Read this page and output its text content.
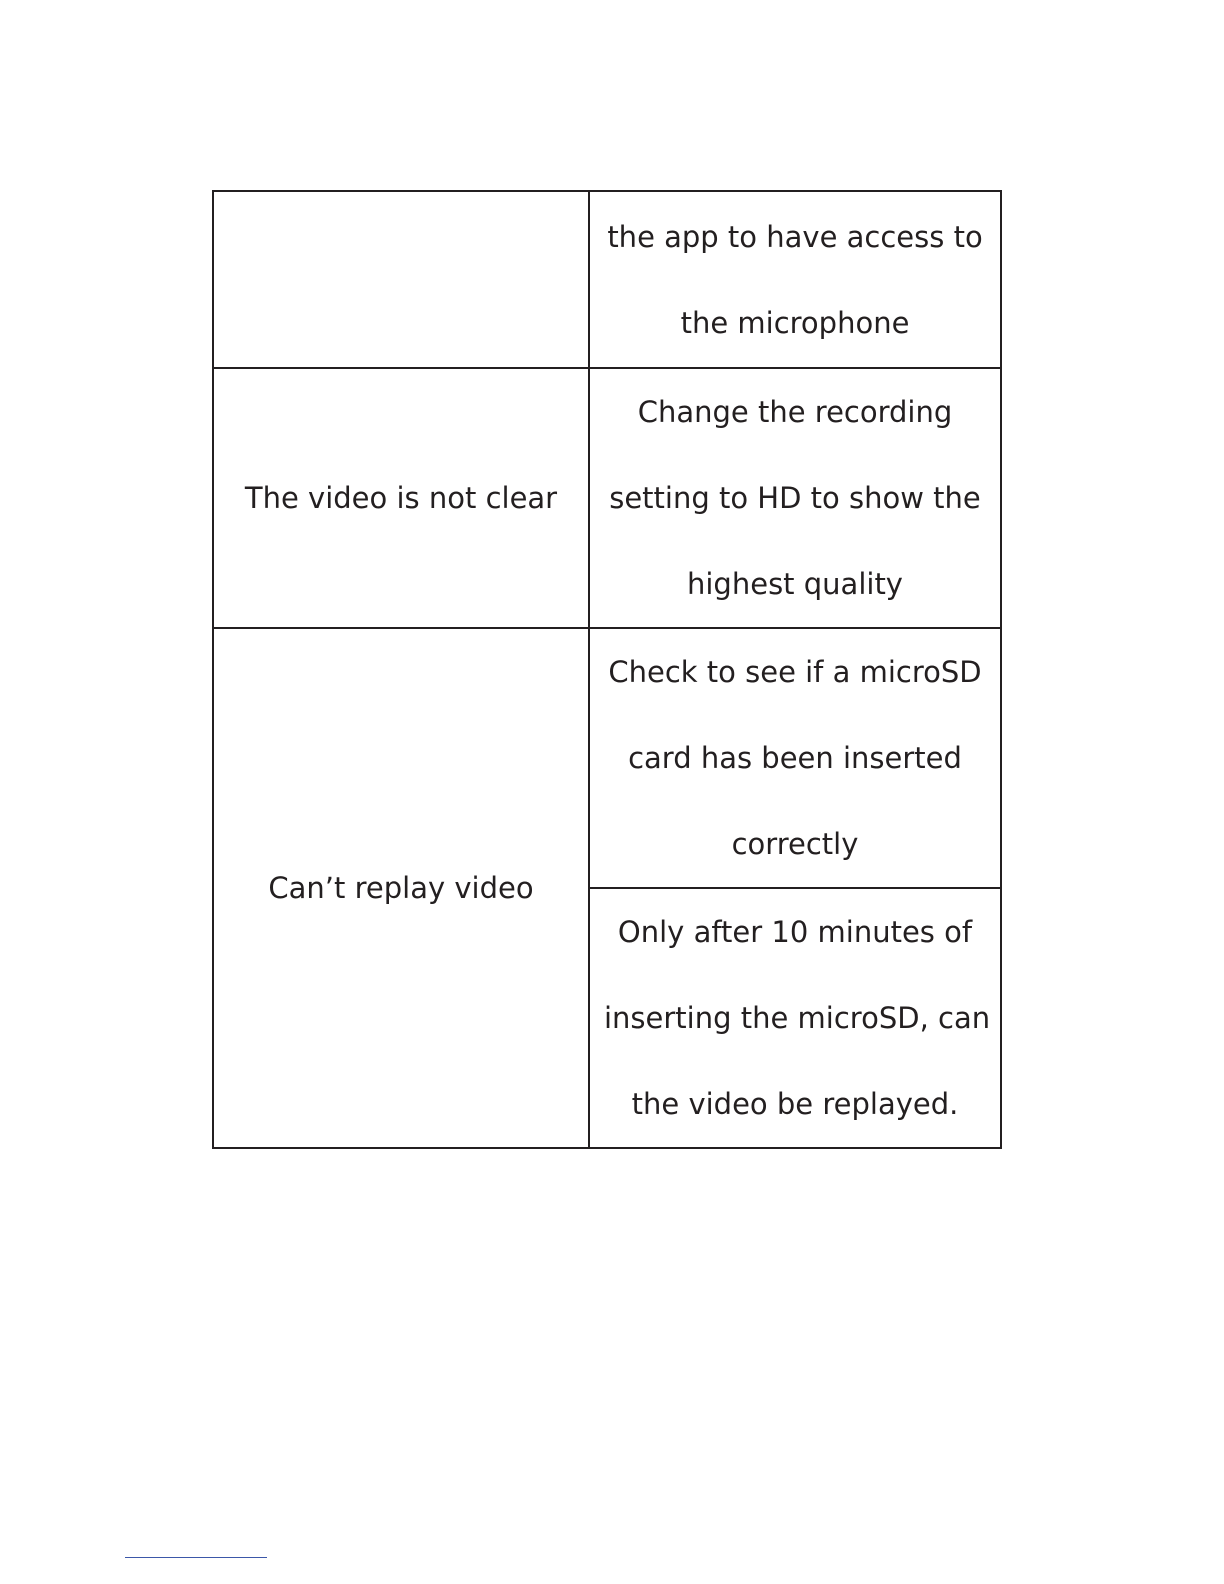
	the app to have access to
the microphone

The video is not clear	Change the recording
setting to HD to show the
highest quality

Can’t replay video	Check to see if a microSD
card has been inserted
correctly

	Only after 10 minutes of
inserting the microSD, can
the video be replayed.
